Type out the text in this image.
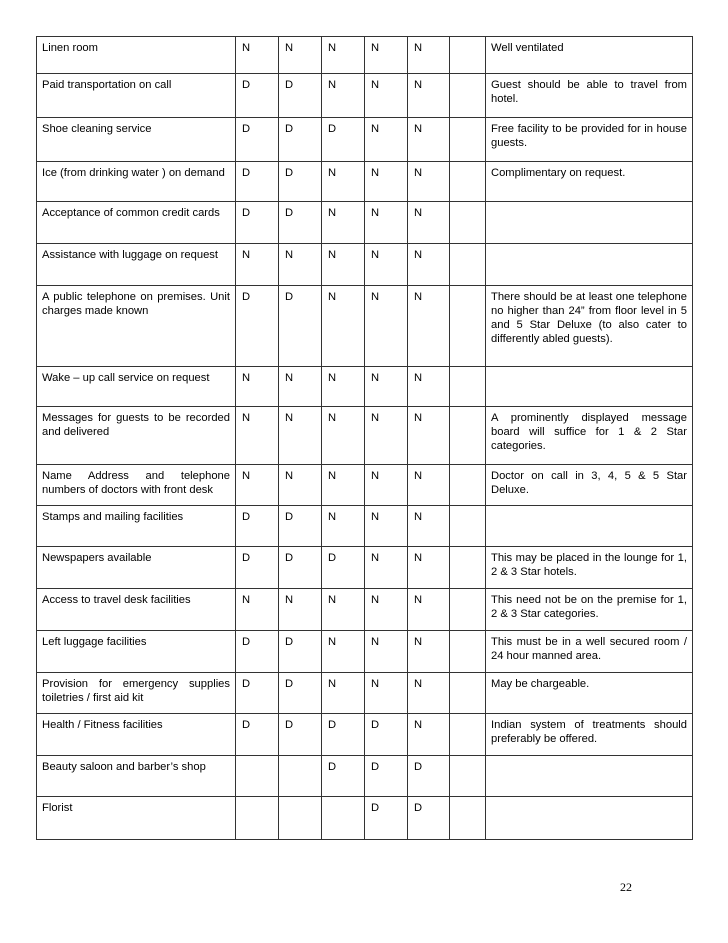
Linen room	N	N	N	N	N		Well ventilated
Paid transportation on call	D	D	N	N	N		Guest should be able to travel from hotel.
Shoe cleaning service	D	D	D	N	N		Free facility to be provided for in house guests.
Ice (from drinking water ) on demand	D	D	N	N	N		Complimentary on request.
Acceptance of common credit cards	D	D	N	N	N		
Assistance with luggage on request	N	N	N	N	N		
A public telephone on premises. Unit charges made known	D	D	N	N	N		There should be at least one telephone no higher than 24” from floor level in 5 and 5 Star Deluxe (to also cater to differently abled guests).
Wake – up call service on request	N	N	N	N	N		
Messages for guests to be recorded and delivered	N	N	N	N	N		A prominently displayed message board will suffice for 1 & 2 Star categories.
Name Address and telephone numbers of doctors with front desk	N	N	N	N	N		Doctor on call in 3, 4, 5 & 5 Star Deluxe.
Stamps and mailing facilities	D	D	N	N	N		
Newspapers available	D	D	D	N	N		This may be placed in the lounge for 1, 2 & 3 Star hotels.
Access to travel desk facilities	N	N	N	N	N		This need not be on the premise for 1, 2 & 3 Star categories.
Left luggage facilities	D	D	N	N	N		This must be in a well secured room / 24 hour manned area.
Provision for emergency supplies toiletries / first aid kit	D	D	N	N	N		May be chargeable.
Health / Fitness facilities	D	D	D	D	N		Indian system of treatments should preferably be offered.
Beauty saloon and barber’s shop			D	D	D		
Florist				D	D		
22
